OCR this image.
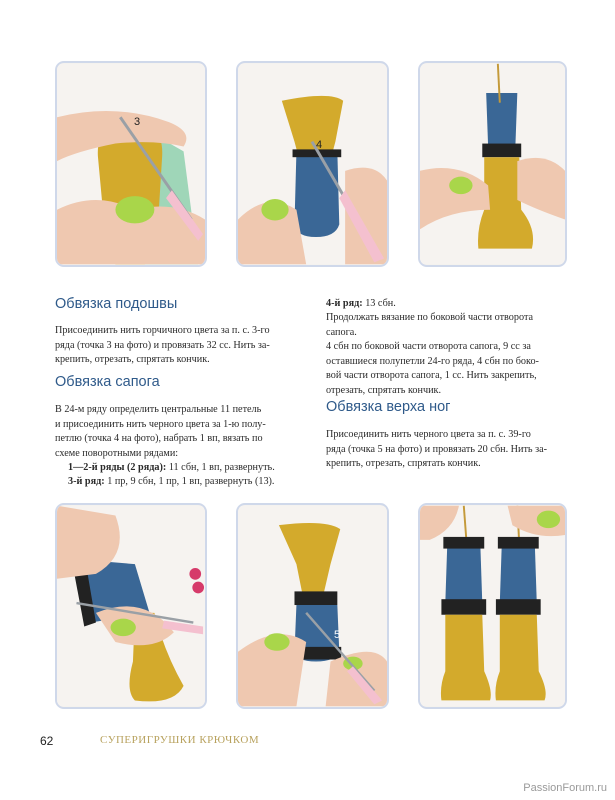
3
4
Обвязка подошвы

Присоединить нить горчичного цвета за п. с. 3-го
ряда (точка 3 на фото) и провязать 32 сс. Нить за-
крепить, отрезать, спрятать кончик.

Обвязка сапога

В 24-м ряду определить центральные 11 петель
и присоединить нить черного цвета за 1-ю полу-
петлю (точка 4 на фото), набрать 1 вп, вязать по
схеме поворотными рядами:

1—2-й ряды (2 ряда): 11 сбн, 1 вп, развернуть.

3-й ряд: 1 пр, 9 сбн, 1 пр, 1 вп, развернуть (13).

4-й ряд: 13 сбн.

Продолжать вязание по боковой части отворота
сапога.
4 сбн по боковой части отворота сапога, 9 сс за
оставшиеся полупетли 24-го ряда, 4 сбн по боко-
вой части отворота сапога, 1 сс. Нить закрепить,
отрезать, спрятать кончик.

Обвязка верха ног

Присоединить нить черного цвета за п. с. 39-го
ряда (точка 5 на фото) и провязать 20 сбн. Нить за-
крепить, отрезать, спрятать кончик.

5
62	СУПЕРИГРУШКИ КРЮЧКОМ
PassionForum.ru
